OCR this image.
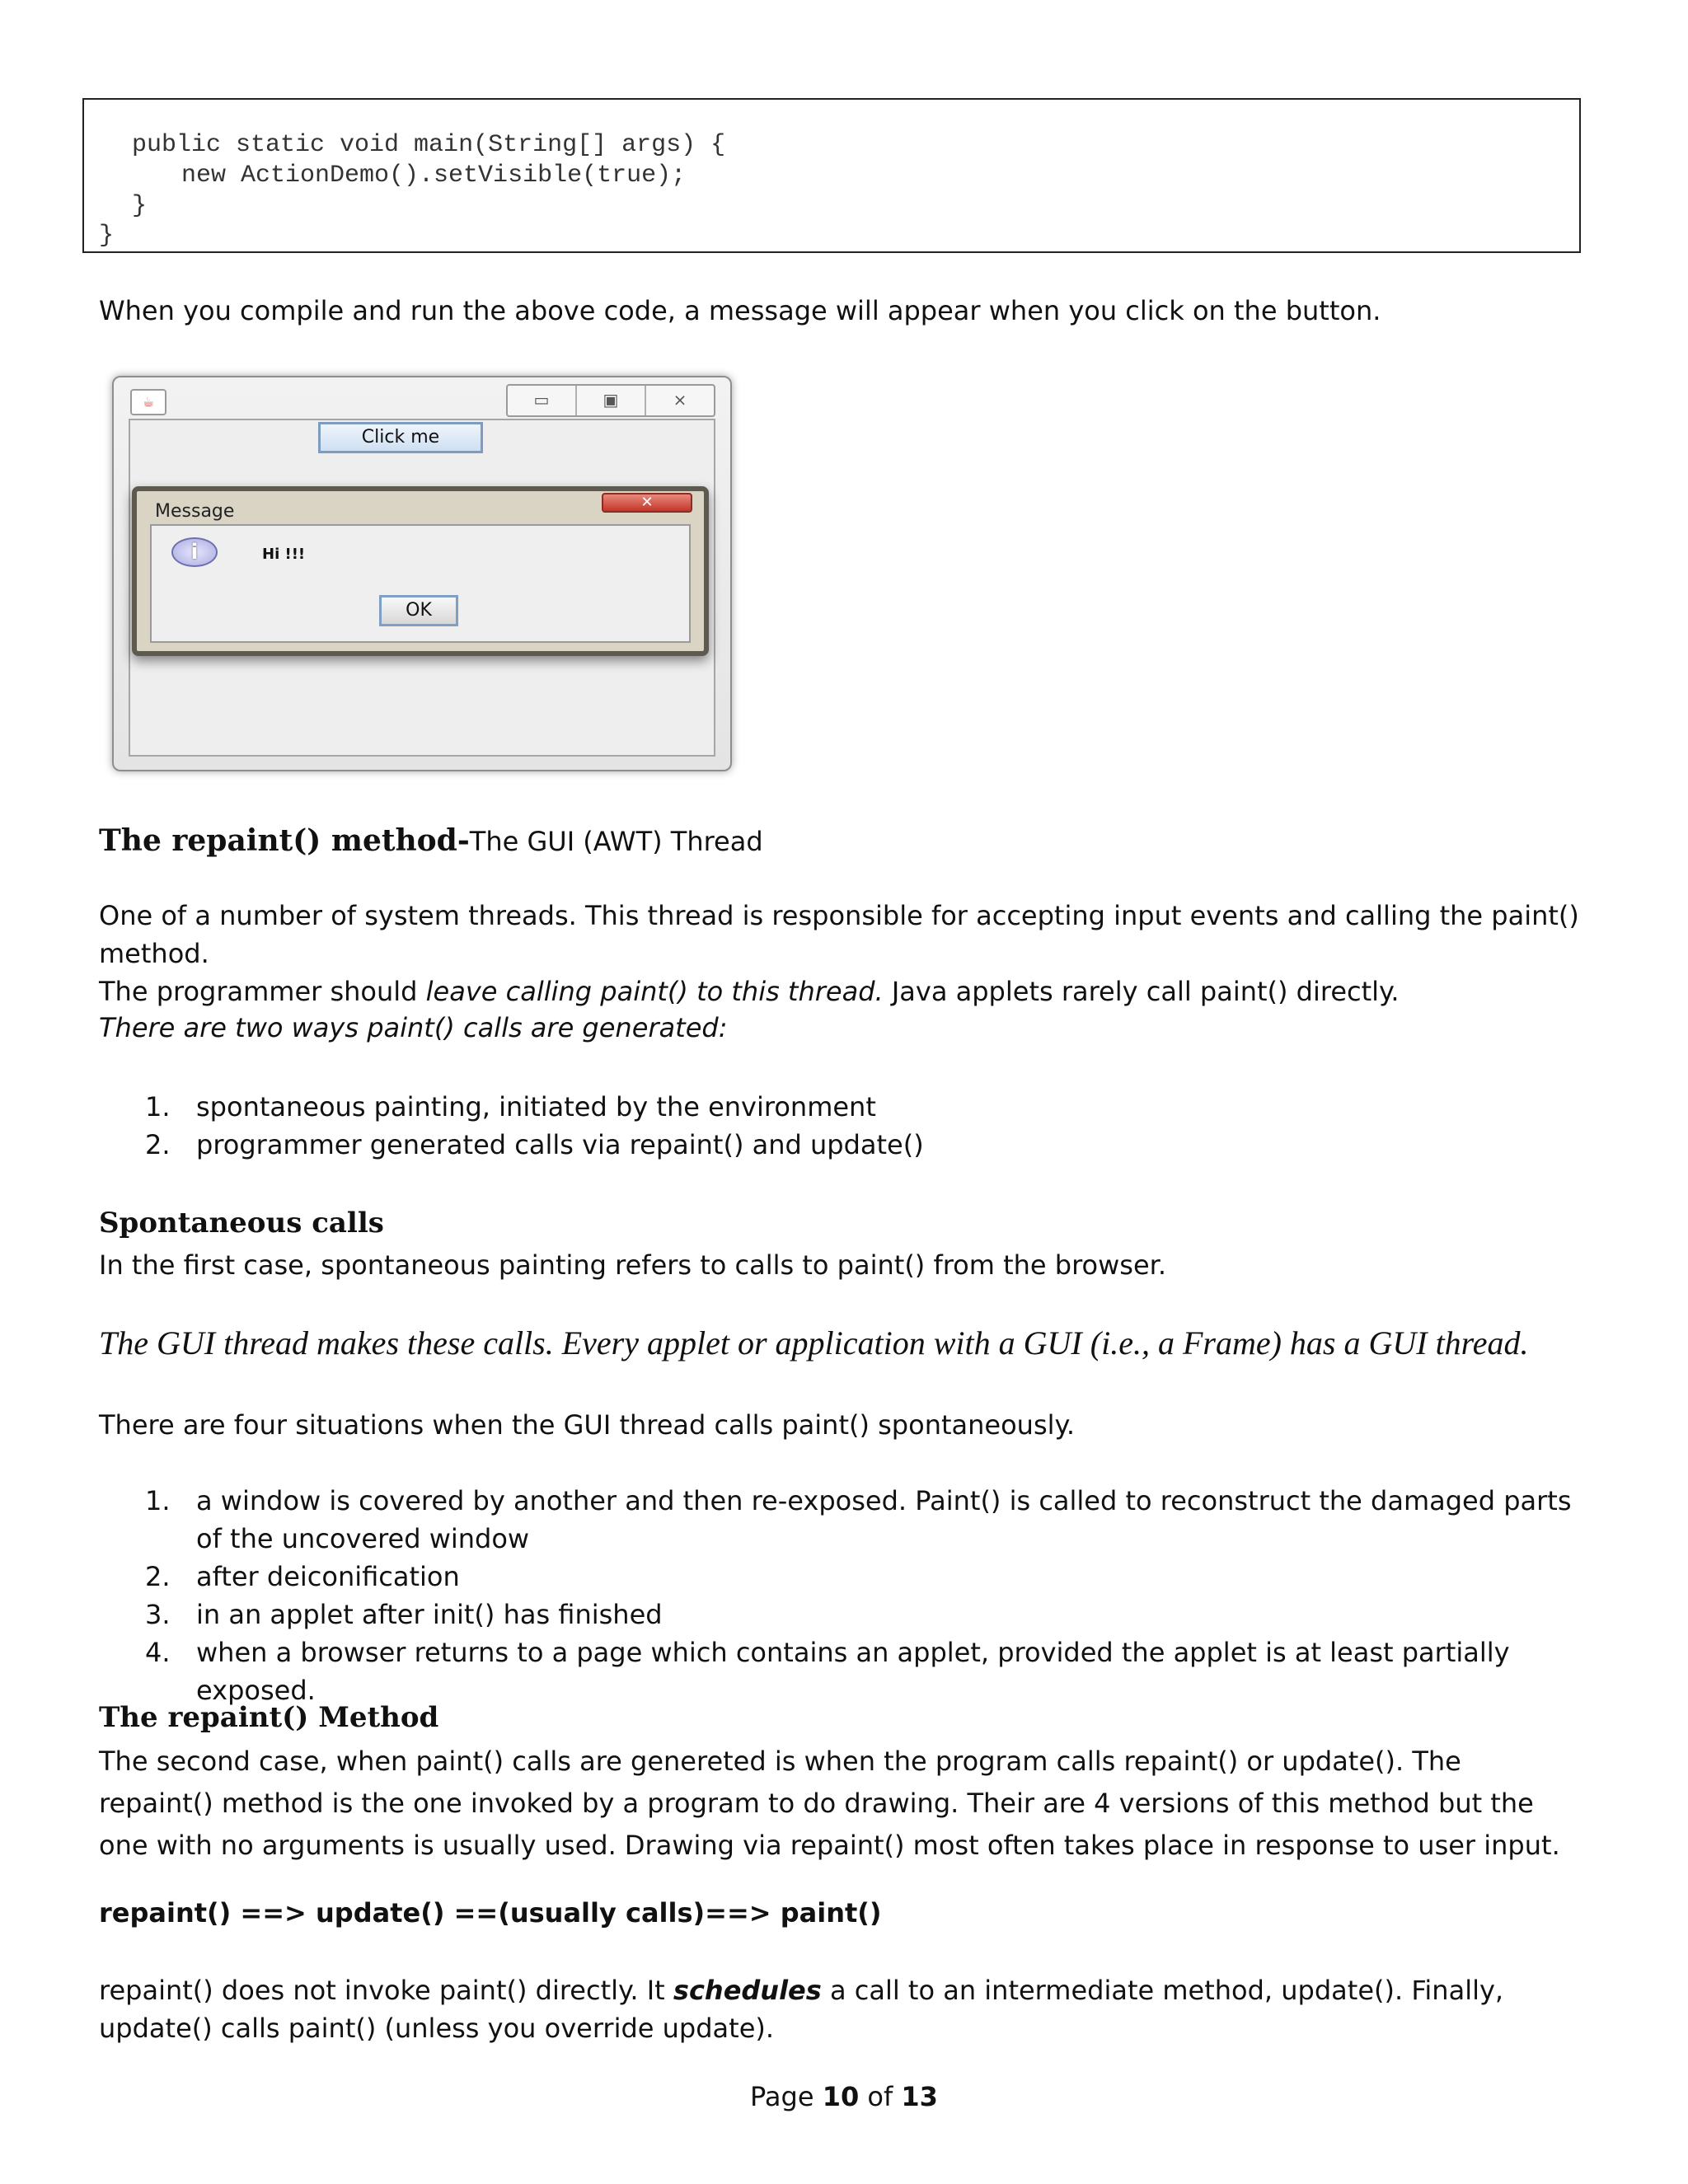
public static void main(String[] args) {
new ActionDemo().setVisible(true);
}
}
When you compile and run the above code, a message will appear when you click on the button.
☕	▭	▣	⨯
Click me
Message	✕
i	Hi !!!
OK
The repaint() method-The GUI (AWT) Thread
One of a number of system threads. This thread is responsible for accepting input events and calling the paint() method.
The programmer should leave calling paint() to this thread. Java applets rarely call paint() directly.
There are two ways paint() calls are generated:
1. spontaneous painting, initiated by the environment
2. programmer generated calls via repaint() and update()
Spontaneous calls
In the first case, spontaneous painting refers to calls to paint() from the browser.
The GUI thread makes these calls. Every applet or application with a GUI (i.e., a Frame) has a GUI thread.
There are four situations when the GUI thread calls paint() spontaneously.
1. a window is covered by another and then re-exposed. Paint() is called to reconstruct the damaged parts of the uncovered window
2. after deiconification
3. in an applet after init() has finished
4. when a browser returns to a page which contains an applet, provided the applet is at least partially exposed.
The repaint() Method
The second case, when paint() calls are genereted is when the program calls repaint() or update(). The repaint() method is the one invoked by a program to do drawing. Their are 4 versions of this method but the one with no arguments is usually used. Drawing via repaint() most often takes place in response to user input.
repaint() ==> update() ==(usually calls)==> paint()
repaint() does not invoke paint() directly. It schedules a call to an intermediate method, update(). Finally, update() calls paint() (unless you override update).
Page 10 of 13
